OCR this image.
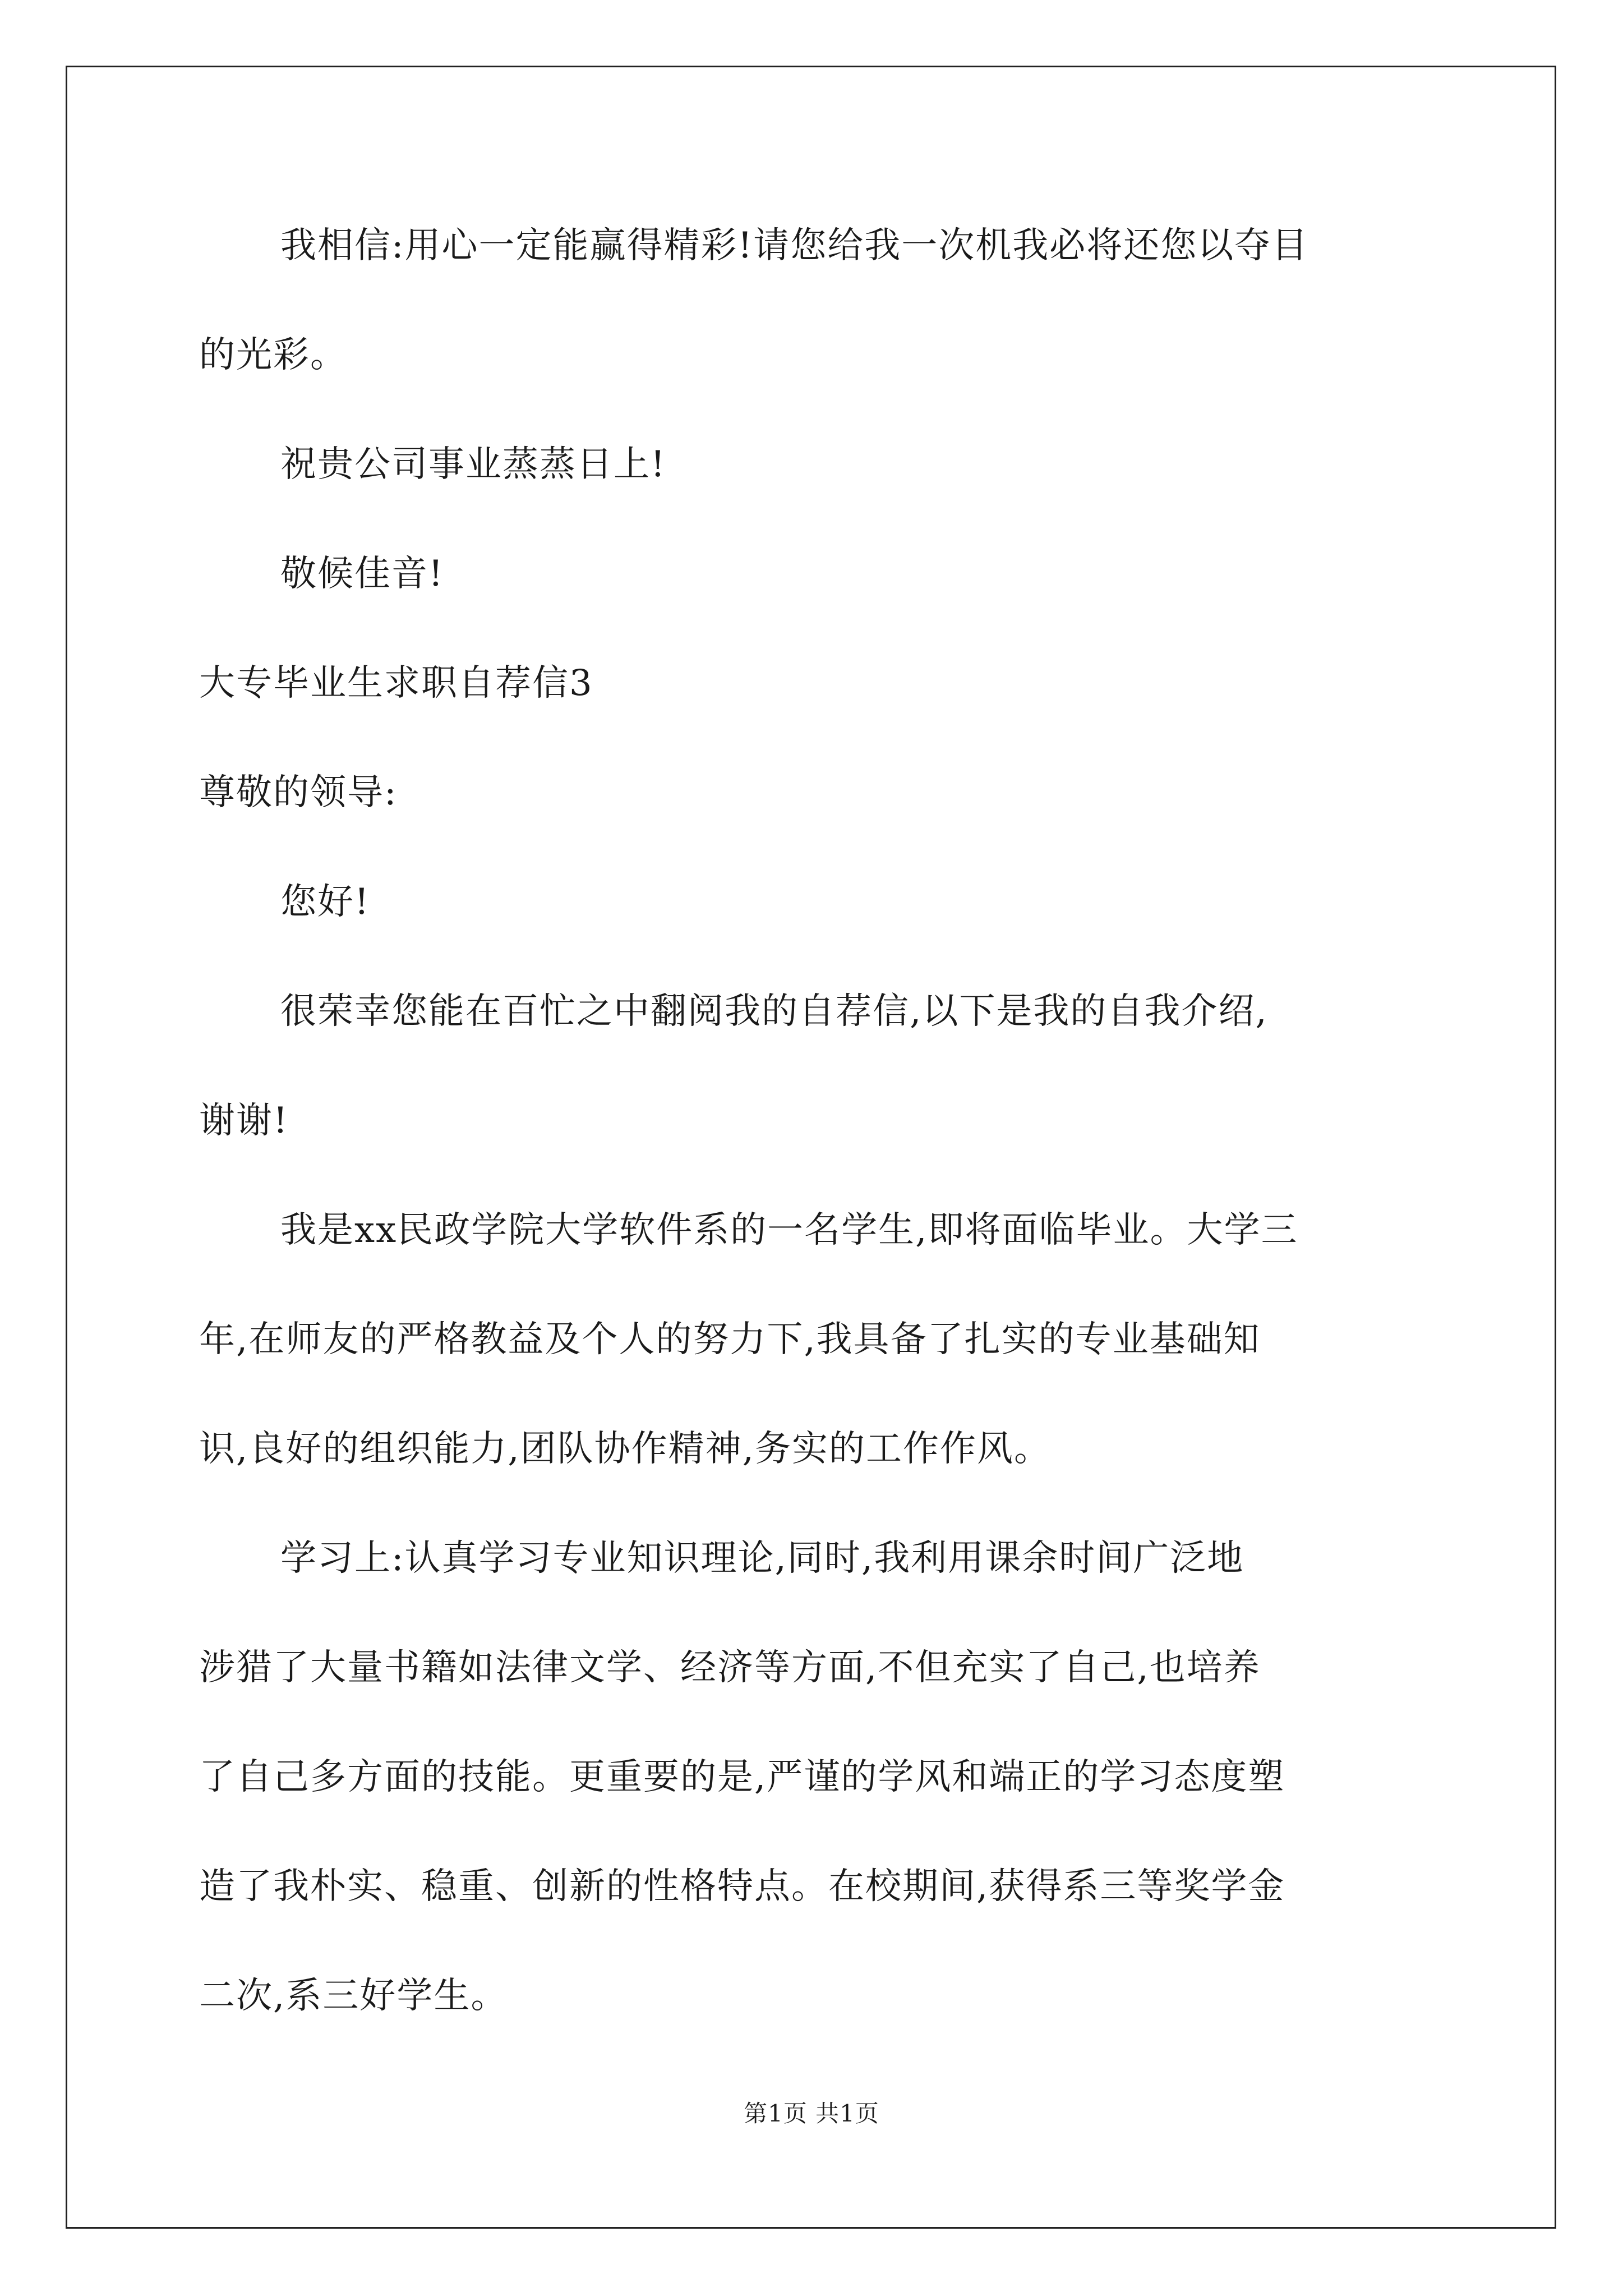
我相信:用心一定能赢得精彩!请您给我一次机我必将还您以夺目
的光彩。
祝贵公司事业蒸蒸日上!
敬候佳音!
大专毕业生求职自荐信3
尊敬的领导:
您好!
很荣幸您能在百忙之中翻阅我的自荐信,以下是我的自我介绍,
谢谢!
我是xx民政学院大学软件系的一名学生,即将面临毕业。大学三
年,在师友的严格教益及个人的努力下,我具备了扎实的专业基础知
识,良好的组织能力,团队协作精神,务实的工作作风。
学习上:认真学习专业知识理论,同时,我利用课余时间广泛地
涉猎了大量书籍如法律文学、经济等方面,不但充实了自己,也培养
了自己多方面的技能。更重要的是,严谨的学风和端正的学习态度塑
造了我朴实、稳重、创新的性格特点。在校期间,获得系三等奖学金
二次,系三好学生。
第1页 共1页
